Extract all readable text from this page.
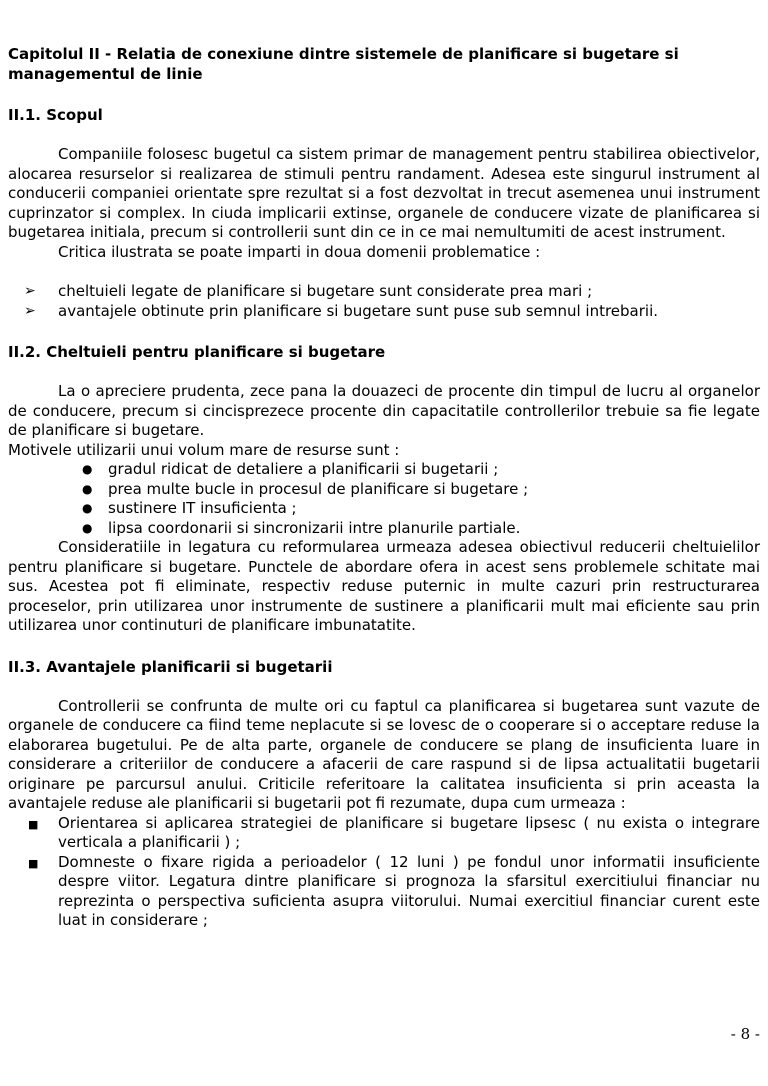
Capitolul II - Relatia de conexiune dintre sistemele de planificare si bugetare si managementul de linie
II.1. Scopul

Companiile folosesc bugetul ca sistem primar de management pentru stabilirea obiectivelor, alocarea resurselor si realizarea de stimuli pentru randament. Adesea este singurul instrument al conducerii companiei orientate spre rezultat si a fost dezvoltat in trecut asemenea unui instrument cuprinzator si complex. In ciuda implicarii extinse, organele de conducere vizate de planificarea si bugetarea initiala, precum si controllerii sunt din ce in ce mai nemultumiti de acest instrument.

Critica ilustrata se poate imparti in doua domenii problematice :

➢ cheltuieli legate de planificare si bugetare sunt considerate prea mari ;
➢ avantajele obtinute prin planificare si bugetare sunt puse sub semnul intrebarii.
II.2. Cheltuieli pentru planificare si bugetare

La o apreciere prudenta, zece pana la douazeci de procente din timpul de lucru al organelor de conducere, precum si cincisprezece procente din capacitatile controllerilor trebuie sa fie legate de planificare si bugetare.

Motivele utilizarii unui volum mare de resurse sunt :

● gradul ridicat de detaliere a planificarii si bugetarii ;
● prea multe bucle in procesul de planificare si bugetare ;
● sustinere IT insuficienta ;
● lipsa coordonarii si sincronizarii intre planurile partiale.

Consideratiile in legatura cu reformularea urmeaza adesea obiectivul reducerii cheltuielilor pentru planificare si bugetare. Punctele de abordare ofera in acest sens problemele schitate mai sus. Acestea pot fi eliminate, respectiv reduse puternic in multe cazuri prin restructurarea proceselor, prin utilizarea unor instrumente de sustinere a planificarii mult mai eficiente sau prin utilizarea unor continuturi de planificare imbunatatite.

II.3. Avantajele planificarii si bugetarii

Controllerii se confrunta de multe ori cu faptul ca planificarea si bugetarea sunt vazute de organele de conducere ca fiind teme neplacute si se lovesc de o cooperare si o acceptare reduse la elaborarea bugetului. Pe de alta parte, organele de conducere se plang de insuficienta luare in considerare a criteriilor de conducere a afacerii de care raspund si de lipsa actualitatii bugetarii originare pe parcursul anului. Criticile referitoare la calitatea insuficienta si prin aceasta la avantajele reduse ale planificarii si bugetarii pot fi rezumate, dupa cum urmeaza :

■ Orientarea si aplicarea strategiei de planificare si bugetare lipsesc ( nu exista o integrare verticala a planificarii ) ;
■ Domneste o fixare rigida a perioadelor ( 12 luni ) pe fondul unor informatii insuficiente despre viitor. Legatura dintre planificare si prognoza la sfarsitul exercitiului financiar nu reprezinta o perspectiva suficienta asupra viitorului. Numai exercitiul financiar curent este luat in considerare ;
- 8 -
